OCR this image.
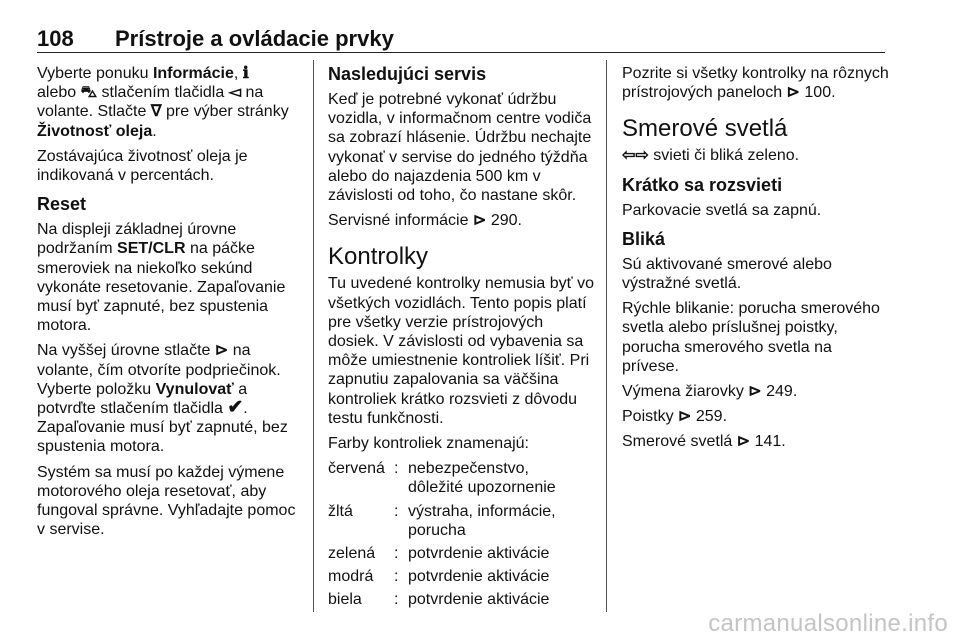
108 Prístroje a ovládacie prvky

Vyberte ponuku Informácie, ℹ
alebo ⛍ stlačením tlačidla ◅ na volante. Stlačte ∇ pre výber stránky Životnosť oleja.

Zostávajúca životnosť oleja je indikovaná v percentách.

Reset

Na displeji základnej úrovne podržaním SET/CLR na páčke smeroviek na niekoľko sekúnd vykonáte resetovanie. Zapaľovanie musí byť zapnuté, bez spustenia motora.

Na vyššej úrovne stlačte ⊳ na volante, čím otvoríte podpriečinok. Vyberte položku Vynulovať a potvrďte stlačením tlačidla ✔. Zapaľovanie musí byť zapnuté, bez spustenia motora.

Systém sa musí po každej výmene motorového oleja resetovať, aby fungoval správne. Vyhľadajte pomoc v servise.

Nasledujúci servis

Keď je potrebné vykonať údržbu vozidla, v informačnom centre vodiča sa zobrazí hlásenie. Údržbu nechajte vykonať v servise do jedného týždňa alebo do najazdenia 500 km v závislosti od toho, čo nastane skôr.

Servisné informácie ⊳ 290.

Kontrolky

Tu uvedené kontrolky nemusia byť vo všetkých vozidlách. Tento popis platí pre všetky verzie prístrojových dosiek. V závislosti od vybavenia sa môže umiestnenie kontroliek líšiť. Pri zapnutiu zapalovania sa väčšina kontroliek krátko rozsvieti z dôvodu testu funkčnosti.

Farby kontroliek znamenajú:

červená	:	nebezpečenstvo, dôležité upozornenie
žltá	:	výstraha, informácie, porucha
zelená	:	potvrdenie aktivácie
modrá	:	potvrdenie aktivácie
biela	:	potvrdenie aktivácie

Pozrite si všetky kontrolky na rôznych prístrojových paneloch ⊳ 100.

Smerové svetlá

⇦⇨ svieti či bliká zeleno.

Krátko sa rozsvieti

Parkovacie svetlá sa zapnú.

Bliká

Sú aktivované smerové alebo výstražné svetlá.

Rýchle blikanie: porucha smerového svetla alebo príslušnej poistky, porucha smerového svetla na prívese.

Výmena žiarovky ⊳ 249.

Poistky ⊳ 259.

Smerové svetlá ⊳ 141.

carmanualsonline.info
